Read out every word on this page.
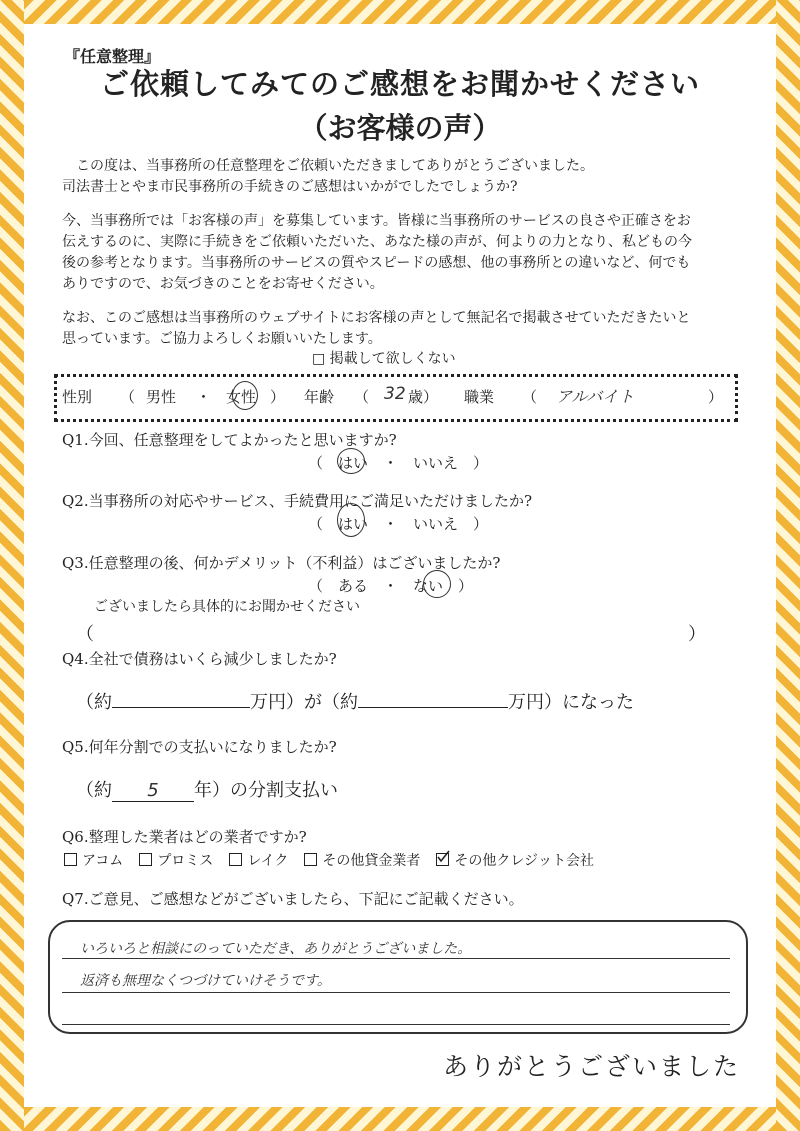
『任意整理』
ご依頼してみてのご感想をお聞かせください
（お客様の声）
この度は、当事務所の任意整理をご依頼いただきましてありがとうございました。
司法書士とやま市民事務所の手続きのご感想はいかがでしたでしょうか?
今、当事務所では「お客様の声」を募集しています。皆様に当事務所のサービスの良さや正確さをお
伝えするのに、実際に手続きをご依頼いただいた、あなた様の声が、何よりの力となり、私どもの今
後の参考となります。当事務所のサービスの質やスピードの感想、他の事務所との違いなど、何でも
ありですので、お気づきのことをお寄せください。
なお、このご感想は当事務所のウェブサイトにお客様の声として無記名で掲載させていただきたいと
思っています。ご協力よろしくお願いいたします。
□ 掲載して欲しくない
性別 （ 男性 ・ 女性 ） 年齢 （ 32 歳） 職業 （ アルバイト	）
Q1.今回、任意整理をしてよかったと思いますか?
（　はい　・　いいえ　）
Q2.当事務所の対応やサービス、手続費用にご満足いただけましたか?
（　はい　・　いいえ　）
Q3.任意整理の後、何かデメリット（不利益）はございましたか?
（　ある　・　ない　）
ございましたら具体的にお聞かせください
（	）
Q4.全社で債務はいくら減少しましたか?
（約	万円）が（約	万円）になった
Q5.何年分割での支払いになりましたか?
（約 5 年）の分割支払い
Q6.整理した業者はどの業者ですか?
アコム プロミス レイク その他貸金業者 その他クレジット会社
Q7.ご意見、ご感想などがございましたら、下記にご記載ください。
いろいろと相談にのっていただき、ありがとうございました。
返済も無理なくつづけていけそうです。
ありがとうございました
